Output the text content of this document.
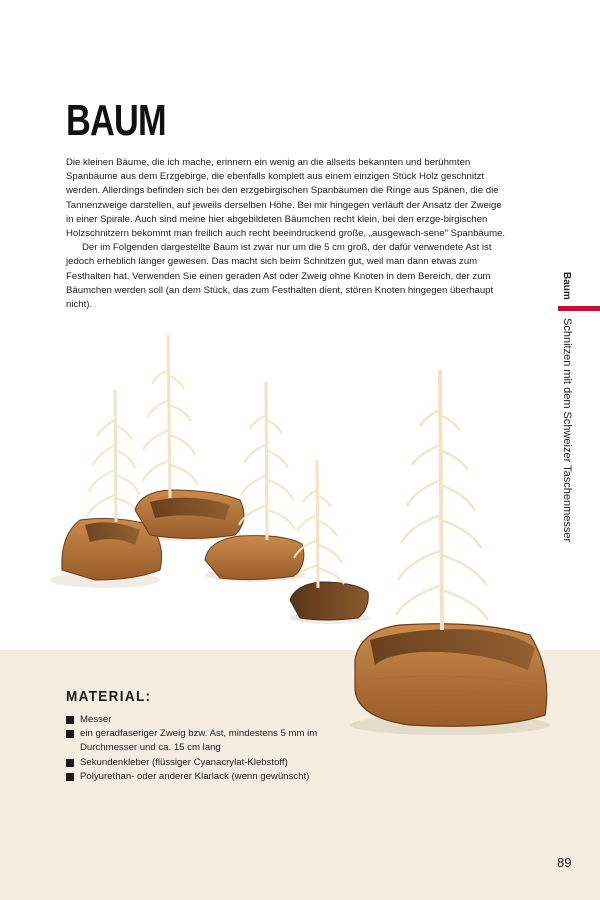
BAUM

Die kleinen Bäume, die ich mache, erinnern ein wenig an die allseits bekannten und berühmten Spanbäume aus dem Erzgebirge, die ebenfalls komplett aus einem einzigen Stück Holz geschnitzt werden. Allerdings befinden sich bei den erzgebirgischen Spanbäumen die Ringe aus Spänen, die die Tannenzweige darstellen, auf jeweils derselben Höhe. Bei mir hingegen verläuft der Ansatz der Zweige in einer Spirale. Auch sind meine hier abgebildeten Bäumchen recht klein, bei den erzge-birgischen Holzschnitzern bekommt man freilich auch recht beeindruckend große, „ausgewach-sene" Spanbäume.

Der im Folgenden dargestellte Baum ist zwar nur um die 5 cm groß, der dafür verwendete Ast ist jedoch erheblich länger gewesen. Das macht sich beim Schnitzen gut, weil man dann etwas zum Festhalten hat. Verwenden Sie einen geraden Ast oder Zweig ohne Knoten in dem Bereich, der zum Bäumchen werden soll (an dem Stück, das zum Festhalten dient, stören Knoten hingegen überhaupt nicht).

Baum
Schnitzen mit dem Schweizer Taschenmesser
MATERIAL:
Messer
ein geradfaseriger Zweig bzw. Ast, mindestens 5 mm im Durchmesser und ca. 15 cm lang
Sekundenkleber (flüssiger Cyanacrylat-Klebstoff)
Polyurethan- oder anderer Klarlack (wenn gewünscht)
89
